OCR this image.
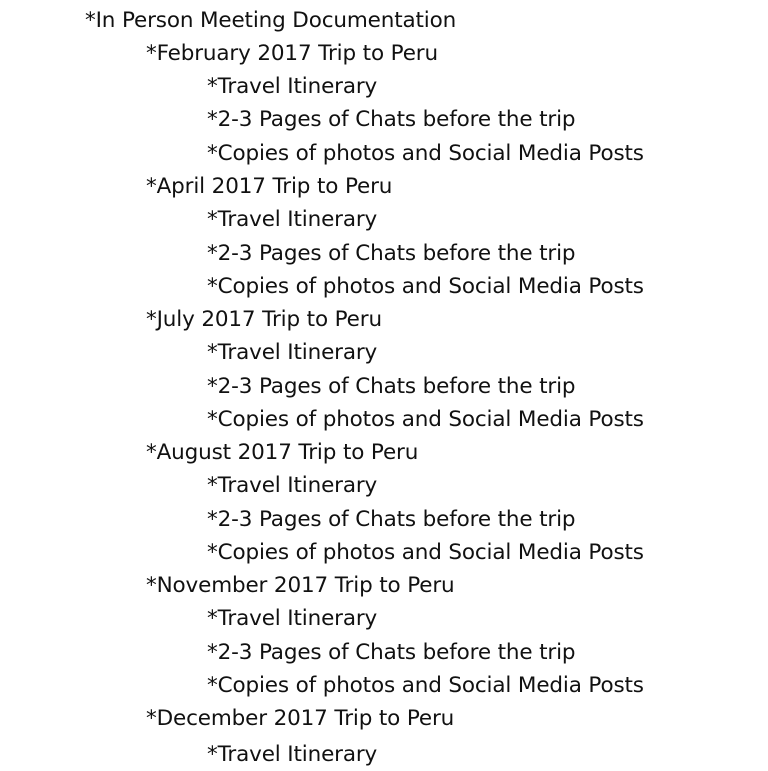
*In Person Meeting Documentation
*February 2017 Trip to Peru
*Travel Itinerary
*2-3 Pages of Chats before the trip
*Copies of photos and Social Media Posts
*April 2017 Trip to Peru
*Travel Itinerary
*2-3 Pages of Chats before the trip
*Copies of photos and Social Media Posts
*July 2017 Trip to Peru
*Travel Itinerary
*2-3 Pages of Chats before the trip
*Copies of photos and Social Media Posts
*August 2017 Trip to Peru
*Travel Itinerary
*2-3 Pages of Chats before the trip
*Copies of photos and Social Media Posts
*November 2017 Trip to Peru
*Travel Itinerary
*2-3 Pages of Chats before the trip
*Copies of photos and Social Media Posts
*December 2017 Trip to Peru
*Travel Itinerary
